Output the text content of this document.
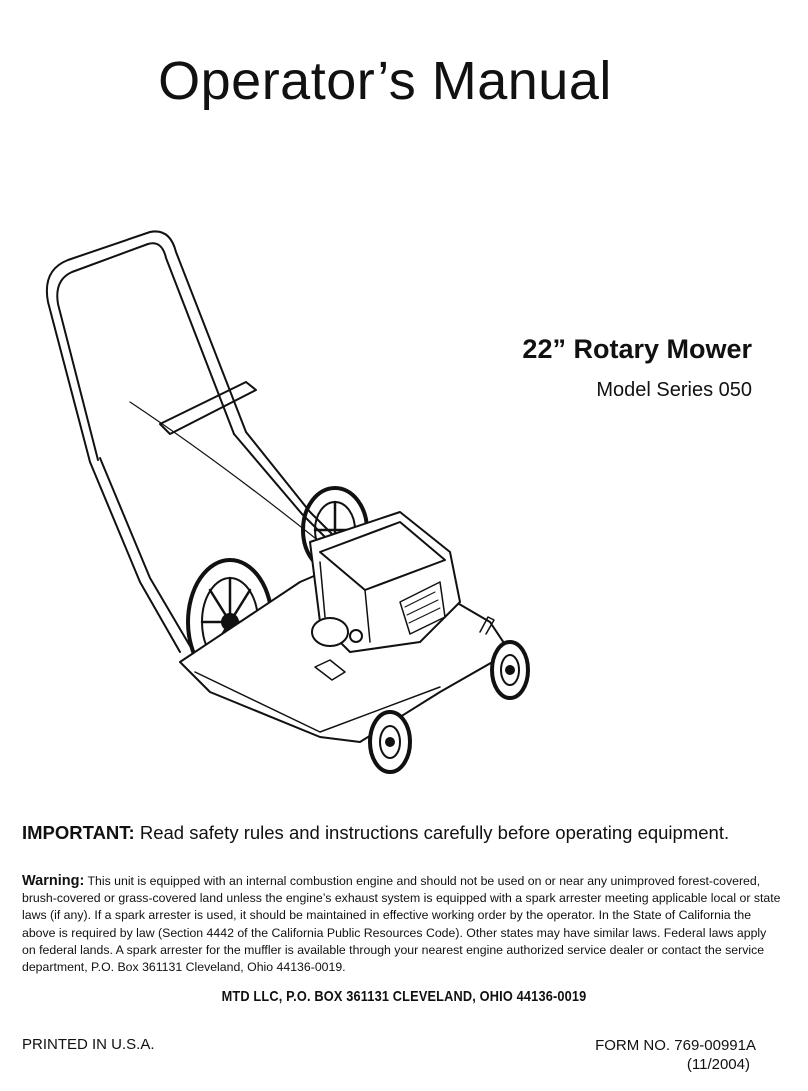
Operator’s Manual
22” Rotary Mower
Model Series 050
IMPORTANT: Read safety rules and instructions carefully before operating equipment.
Warning: This unit is equipped with an internal combustion engine and should not be used on or near any unimproved forest-covered, brush-covered or grass-covered land unless the engine’s exhaust system is equipped with a spark arrester meeting applicable local or state laws (if any). If a spark arrester is used, it should be maintained in effective working order by the operator. In the State of California the above is required by law (Section 4442 of the California Public Resources Code). Other states may have similar laws. Federal laws apply on federal lands. A spark arrester for the muffler is available through your nearest engine authorized service dealer or contact the service department, P.O. Box 361131 Cleveland, Ohio 44136-0019.
MTD LLC, P.O. BOX 361131 CLEVELAND, OHIO 44136-0019
PRINTED IN U.S.A.	FORM NO. 769-00991A
(11/2004)
